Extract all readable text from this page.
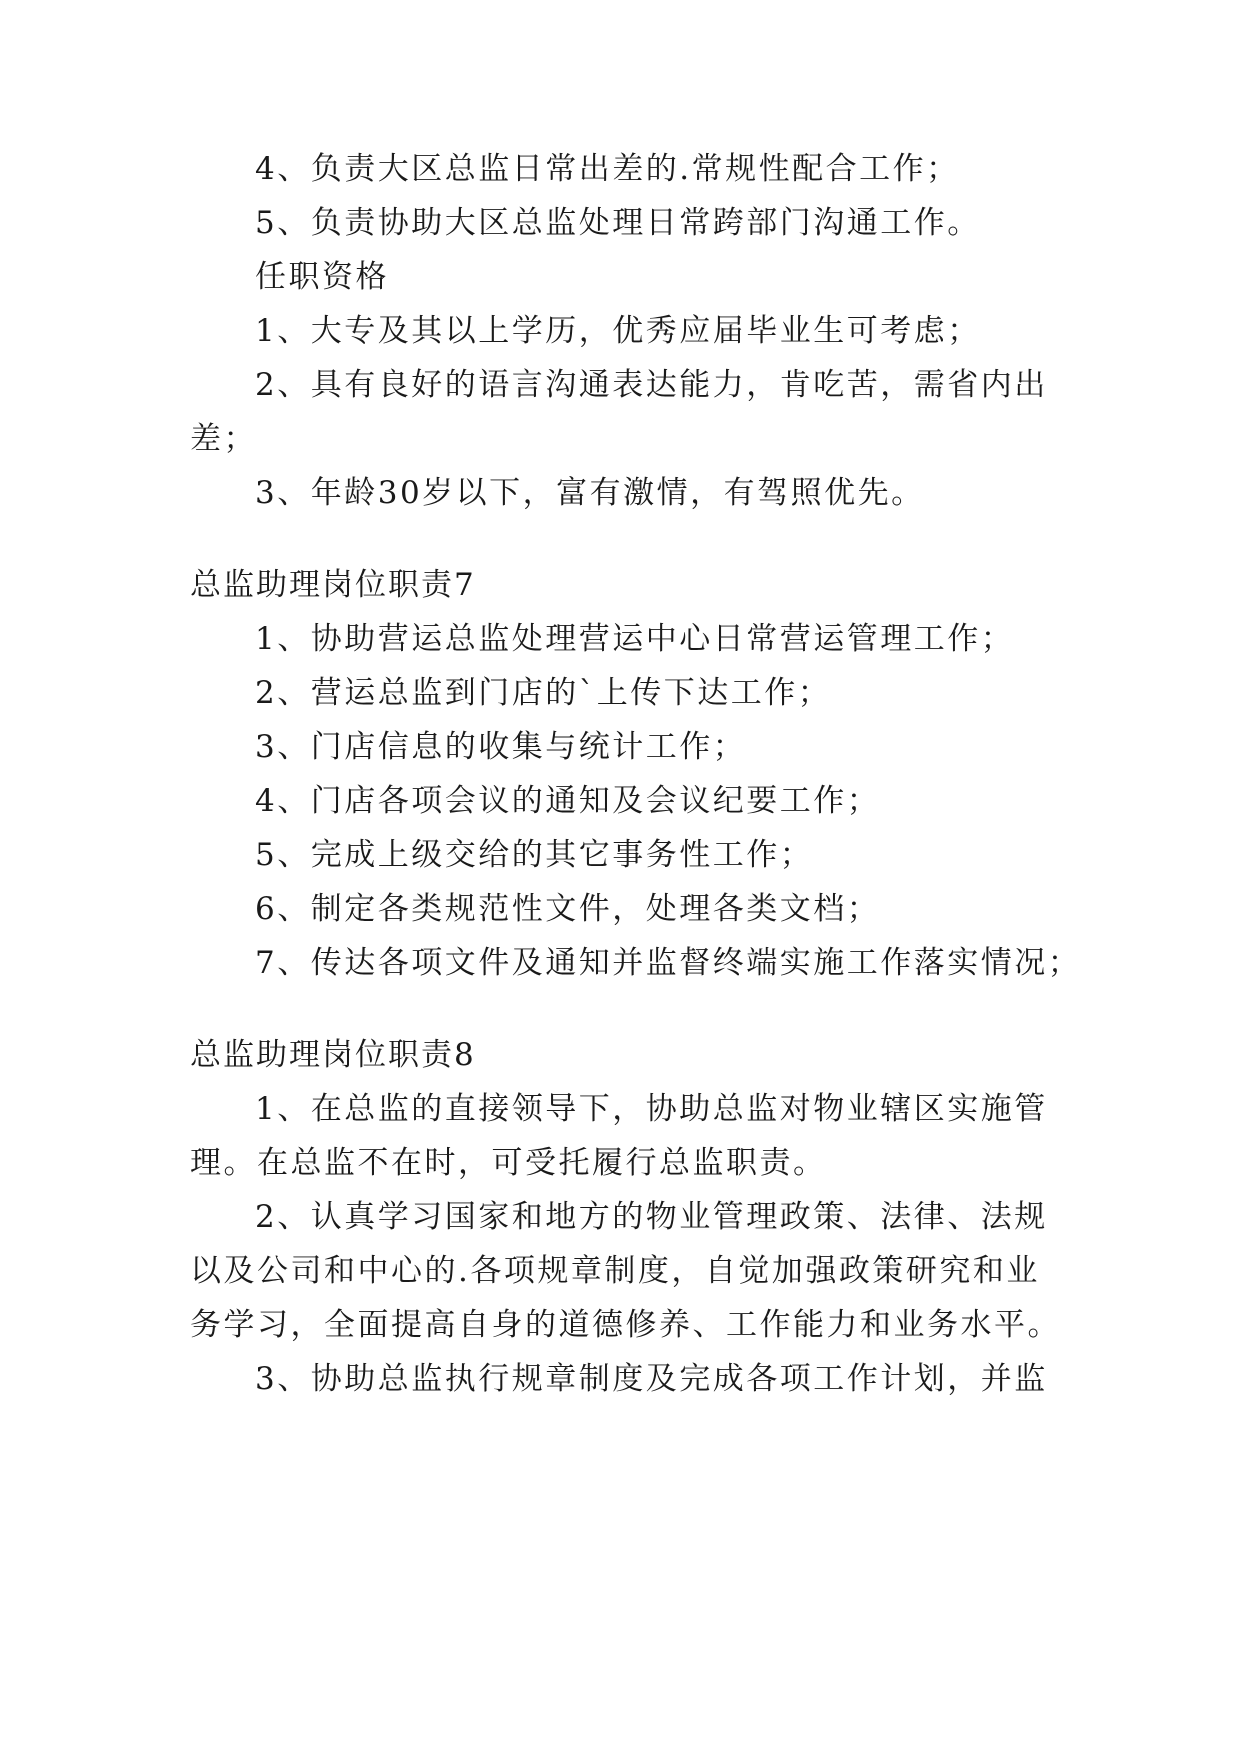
4、负责大区总监日常出差的.常规性配合工作；
5、负责协助大区总监处理日常跨部门沟通工作。
任职资格
1、大专及其以上学历，优秀应届毕业生可考虑；
2、具有良好的语言沟通表达能力，肯吃苦，需省内出
差；
3、年龄30岁以下，富有激情，有驾照优先。
总监助理岗位职责7
1、协助营运总监处理营运中心日常营运管理工作；
2、营运总监到门店的`上传下达工作；
3、门店信息的收集与统计工作；
4、门店各项会议的通知及会议纪要工作；
5、完成上级交给的其它事务性工作；
6、制定各类规范性文件，处理各类文档；
7、传达各项文件及通知并监督终端实施工作落实情况；
总监助理岗位职责8
1、在总监的直接领导下，协助总监对物业辖区实施管
理。在总监不在时，可受托履行总监职责。
2、认真学习国家和地方的物业管理政策、法律、法规
以及公司和中心的.各项规章制度，自觉加强政策研究和业
务学习，全面提高自身的道德修养、工作能力和业务水平。
3、协助总监执行规章制度及完成各项工作计划，并监
